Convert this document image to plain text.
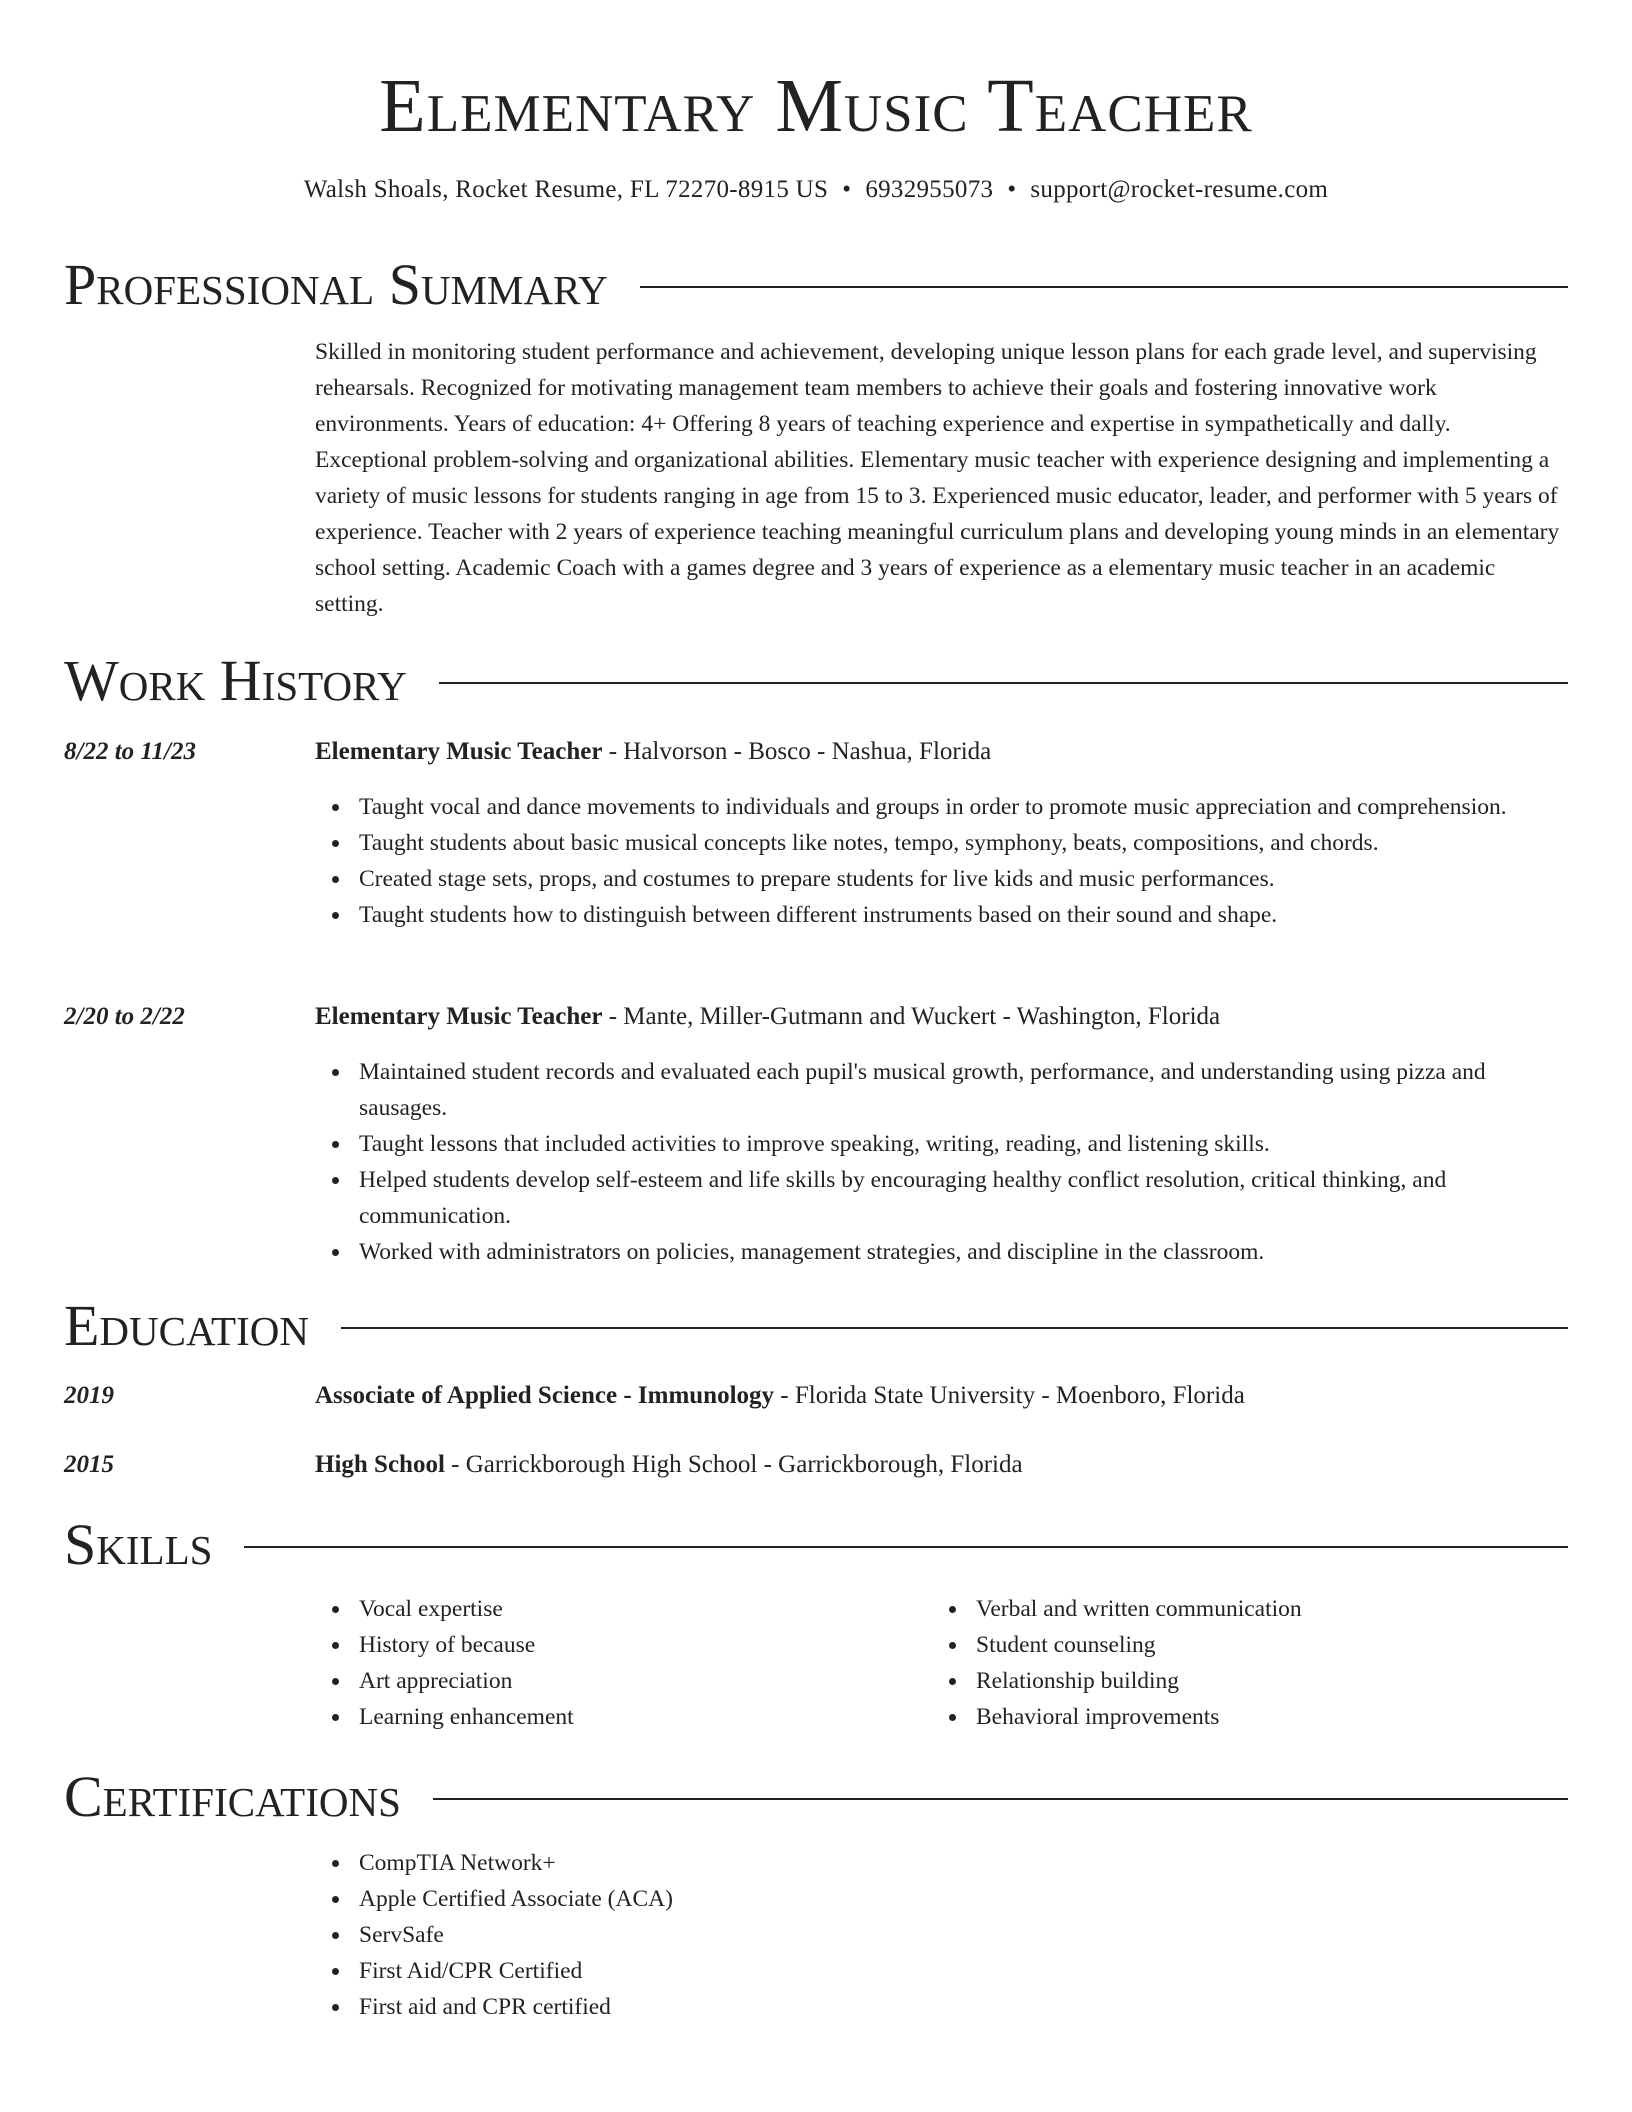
Elementary Music Teacher
Walsh Shoals, Rocket Resume, FL 72270-8915 US • 6932955073 • support@rocket-resume.com
Professional Summary

Skilled in monitoring student performance and achievement, developing unique lesson plans for each grade level, and supervising rehearsals. Recognized for motivating management team members to achieve their goals and fostering innovative work environments. Years of education: 4+ Offering 8 years of teaching experience and expertise in sympathetically and dally. Exceptional problem-solving and organizational abilities. Elementary music teacher with experience designing and implementing a variety of music lessons for students ranging in age from 15 to 3. Experienced music educator, leader, and performer with 5 years of experience. Teacher with 2 years of experience teaching meaningful curriculum plans and developing young minds in an elementary school setting. Academic Coach with a games degree and 3 years of experience as a elementary music teacher in an academic setting.

Work History
8/22 to 11/23	Elementary Music Teacher - Halvorson - Bosco - Nashua, Florida
Taught vocal and dance movements to individuals and groups in order to promote music appreciation and comprehension.
Taught students about basic musical concepts like notes, tempo, symphony, beats, compositions, and chords.
Created stage sets, props, and costumes to prepare students for live kids and music performances.
Taught students how to distinguish between different instruments based on their sound and shape.
2/20 to 2/22	Elementary Music Teacher - Mante, Miller-Gutmann and Wuckert - Washington, Florida
Maintained student records and evaluated each pupil's musical growth, performance, and understanding using pizza and sausages.
Taught lessons that included activities to improve speaking, writing, reading, and listening skills.
Helped students develop self-esteem and life skills by encouraging healthy conflict resolution, critical thinking, and communication.
Worked with administrators on policies, management strategies, and discipline in the classroom.
Education
2019	Associate of Applied Science - Immunology - Florida State University - Moenboro, Florida
2015	High School - Garrickborough High School - Garrickborough, Florida
Skills
Vocal expertise
History of because
Art appreciation
Learning enhancement
Verbal and written communication
Student counseling
Relationship building
Behavioral improvements
Certifications
CompTIA Network+
Apple Certified Associate (ACA)
ServSafe
First Aid/CPR Certified
First aid and CPR certified
